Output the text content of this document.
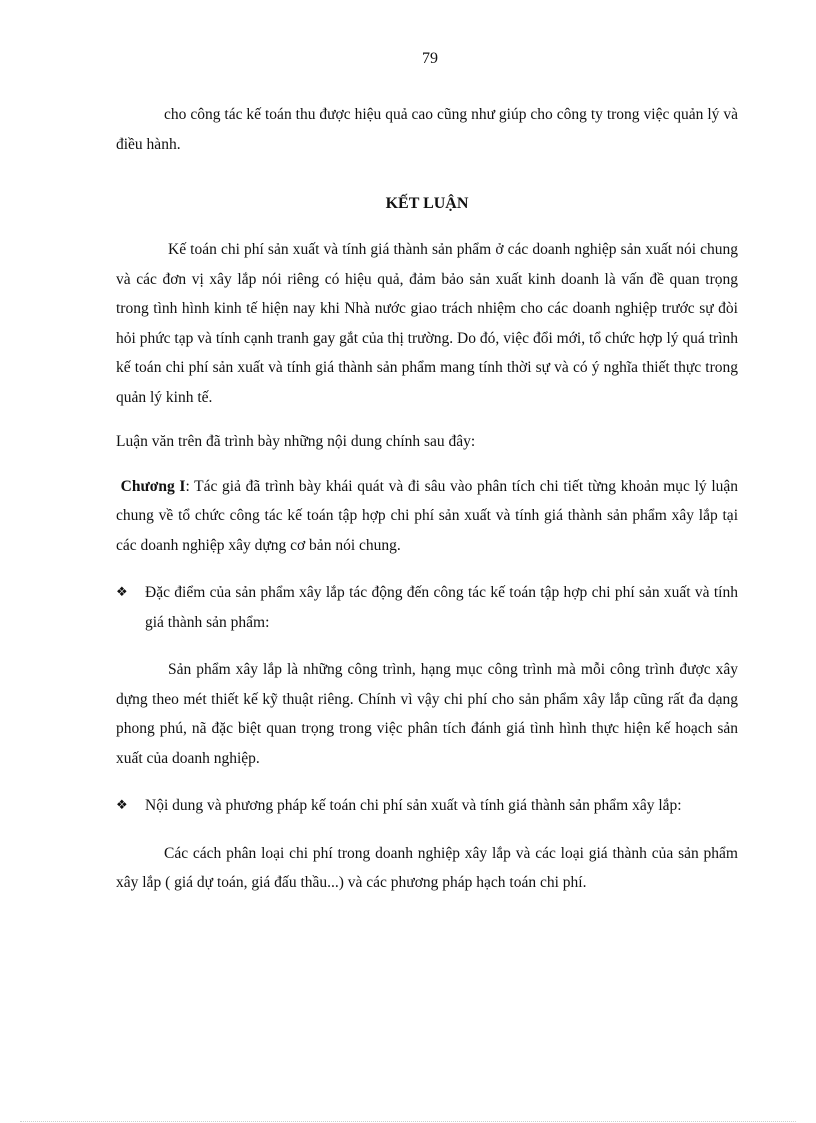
79

cho công tác kế toán thu được hiệu quả cao cũng như giúp cho công ty trong việc quản lý và điều hành.

KẾT LUẬN

Kế toán chi phí sản xuất và tính giá thành sản phẩm ở các doanh nghiệp sản xuất nói chung và các đơn vị xây lắp nói riêng có hiệu quả, đảm bảo sản xuất kinh doanh là vấn đề quan trọng trong tình hình kinh tế hiện nay khi Nhà nước giao trách nhiệm cho các doanh nghiệp trước sự đòi hỏi phức tạp và tính cạnh tranh gay gắt của thị trường. Do đó, việc đổi mới, tổ chức hợp lý quá trình kế toán chi phí sản xuất và tính giá thành sản phẩm mang tính thời sự và có ý nghĩa thiết thực trong quản lý kinh tế.

Luận văn trên đã trình bày những nội dung chính sau đây:

Chương I: Tác giả đã trình bày khái quát và đi sâu vào phân tích chi tiết từng khoản mục lý luận chung về tổ chức công tác kế toán tập hợp chi phí sản xuất và tính giá thành sản phẩm xây lắp tại các doanh nghiệp xây dựng cơ bản nói chung.

❖ Đặc điểm của sản phẩm xây lắp tác động đến công tác kế toán tập hợp chi phí sản xuất và tính giá thành sản phẩm:

Sản phẩm xây lắp là những công trình, hạng mục công trình mà mỗi công trình được xây dựng theo mét thiết kế kỹ thuật riêng. Chính vì vậy chi phí cho sản phẩm xây lắp cũng rất đa dạng phong phú, nã đặc biệt quan trọng trong việc phân tích đánh giá tình hình thực hiện kế hoạch sản xuất của doanh nghiệp.

❖ Nội dung và phương pháp kế toán chi phí sản xuất và tính giá thành sản phẩm xây lắp:

Các cách phân loại chi phí trong doanh nghiệp xây lắp và các loại giá thành của sản phẩm xây lắp ( giá dự toán, giá đấu thầu...) và các phương pháp hạch toán chi phí.
